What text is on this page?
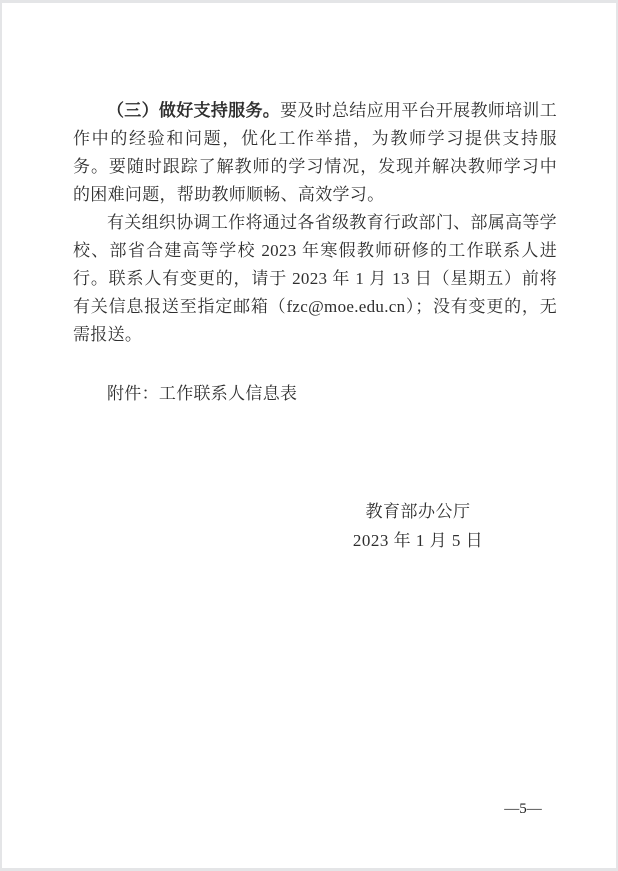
（三）做好支持服务。要及时总结应用平台开展教师培训工作中的经验和问题，优化工作举措，为教师学习提供支持服务。要随时跟踪了解教师的学习情况，发现并解决教师学习中的困难问题，帮助教师顺畅、高效学习。

有关组织协调工作将通过各省级教育行政部门、部属高等学校、部省合建高等学校 2023 年寒假教师研修的工作联系人进行。联系人有变更的，请于 2023 年 1 月 13 日（星期五）前将有关信息报送至指定邮箱（fzc@moe.edu.cn）；没有变更的，无需报送。

附件：工作联系人信息表

教育部办公厅
2023 年 1 月 5 日
—5—
